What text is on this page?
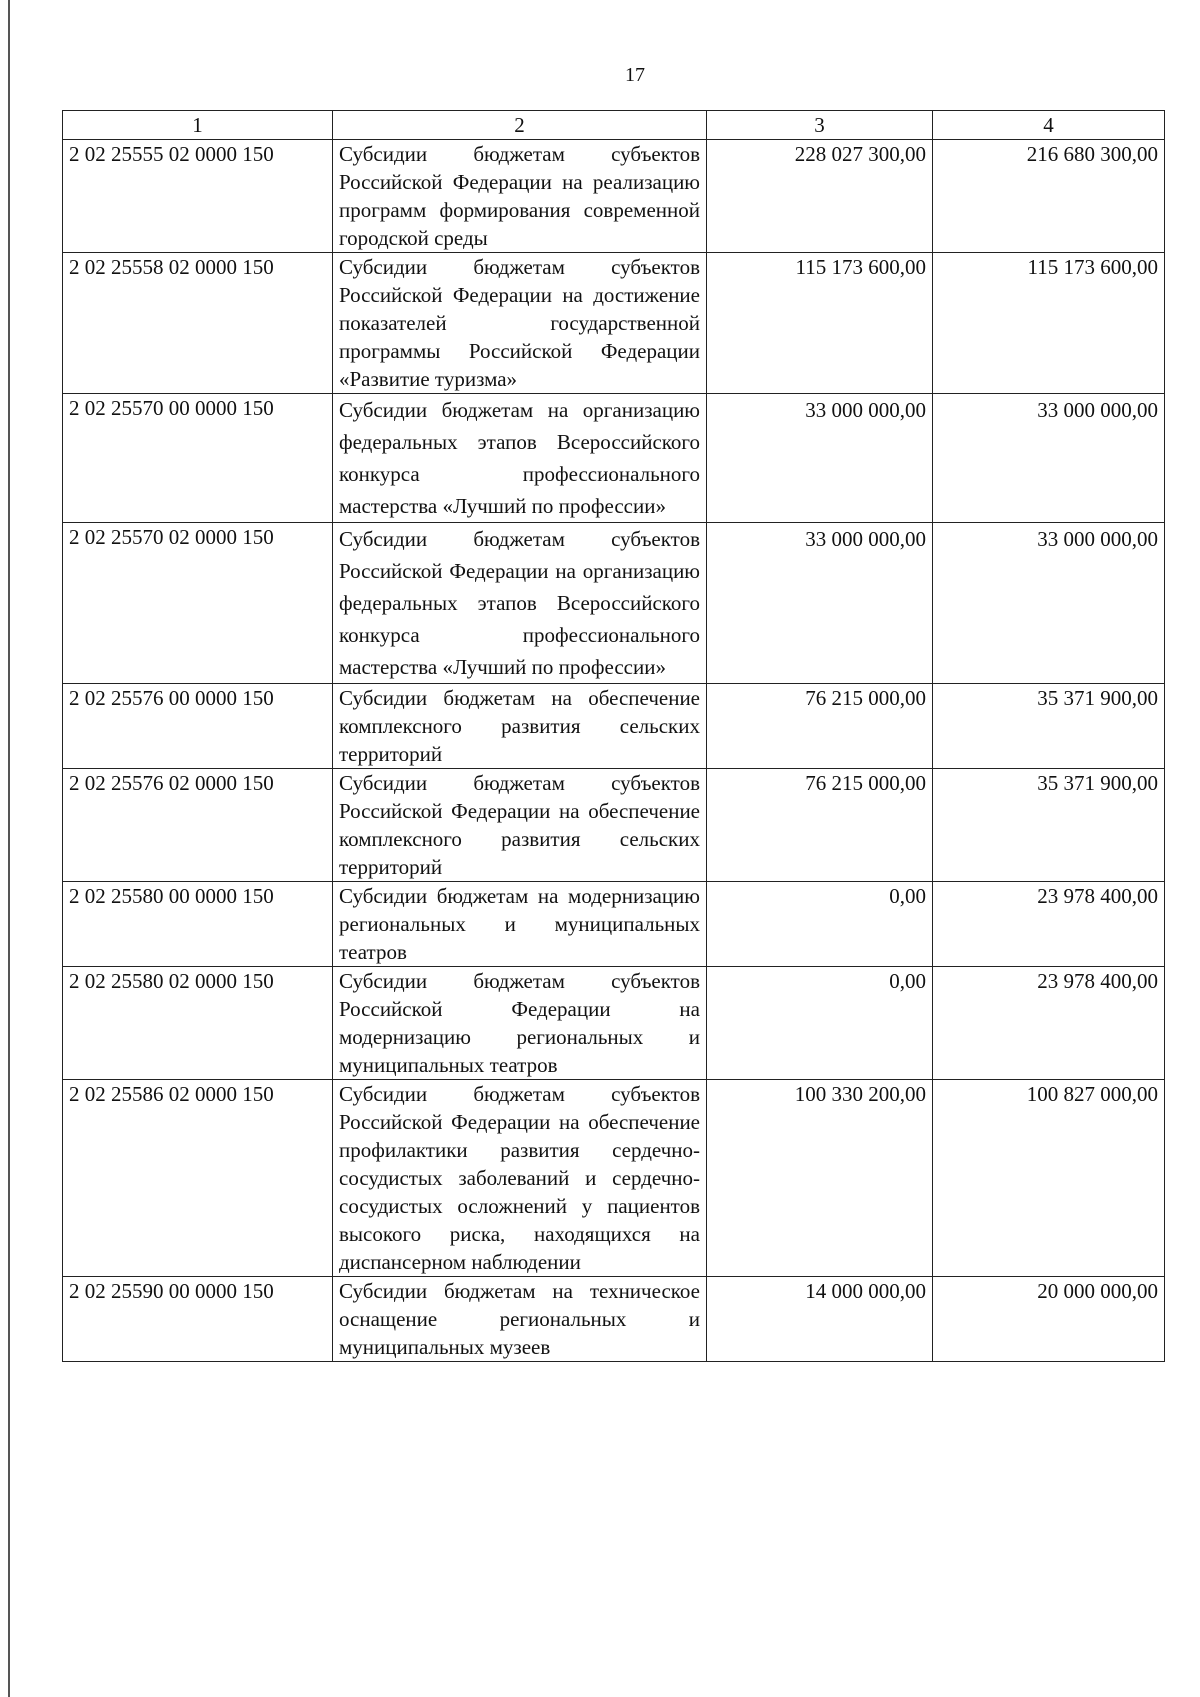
17
1	2	3	4
2 02 25555 02 0000 150	Субсидии бюджетам субъектов Российской Федерации на реализацию программ формирования современной городской среды	228 027 300,00	216 680 300,00
2 02 25558 02 0000 150	Субсидии бюджетам субъектов Российской Федерации на достижение показателей государственной программы Российской Федерации «Развитие туризма»	115 173 600,00	115 173 600,00
2 02 25570 00 0000 150	Субсидии бюджетам на организацию федеральных этапов Всероссийского конкурса профессионального мастерства «Лучший по профессии»	33 000 000,00	33 000 000,00
2 02 25570 02 0000 150	Субсидии бюджетам субъектов Российской Федерации на организацию федеральных этапов Всероссийского конкурса профессионального мастерства «Лучший по профессии»	33 000 000,00	33 000 000,00
2 02 25576 00 0000 150	Субсидии бюджетам на обеспечение комплексного развития сельских территорий	76 215 000,00	35 371 900,00
2 02 25576 02 0000 150	Субсидии бюджетам субъектов Российской Федерации на обеспечение комплексного развития сельских территорий	76 215 000,00	35 371 900,00
2 02 25580 00 0000 150	Субсидии бюджетам на модернизацию региональных и муниципальных театров	0,00	23 978 400,00
2 02 25580 02 0000 150	Субсидии бюджетам субъектов Российской Федерации на модернизацию региональных и муниципальных театров	0,00	23 978 400,00
2 02 25586 02 0000 150	Субсидии бюджетам субъектов Российской Федерации на обеспечение профилактики развития сердечно-сосудистых заболеваний и сердечно-сосудистых осложнений у пациентов высокого риска, находящихся на диспансерном наблюдении	100 330 200,00	100 827 000,00
2 02 25590 00 0000 150	Субсидии бюджетам на техническое оснащение региональных и муниципальных музеев	14 000 000,00	20 000 000,00
